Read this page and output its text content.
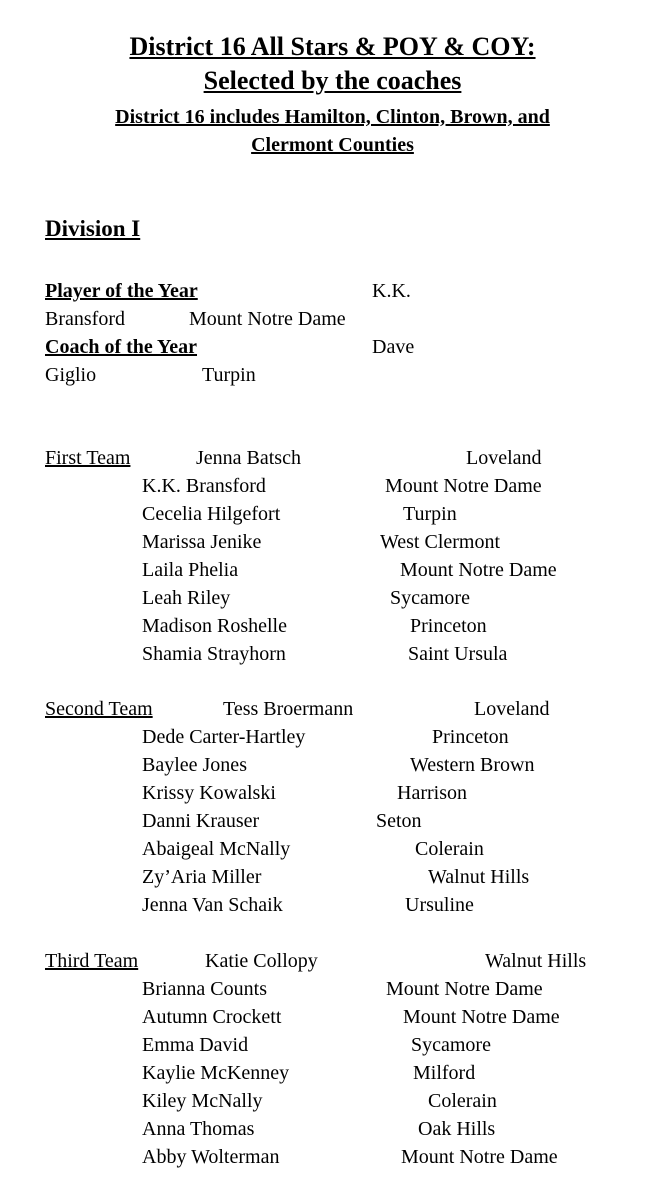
District 16 All Stars & POY & COY:
Selected by the coaches
District 16 includes Hamilton, Clinton, Brown, and
Clermont Counties
Division I
Player of the Year	K.K.
Bransford	Mount Notre Dame
Coach of the Year	Dave
Giglio	Turpin
First Team	Jenna Batsch	Loveland
K.K. Bransford	Mount Notre Dame
Cecelia Hilgefort	Turpin
Marissa Jenike	West Clermont
Laila Phelia	Mount Notre Dame
Leah Riley	Sycamore
Madison Roshelle	Princeton
Shamia Strayhorn	Saint Ursula
Second Team	Tess Broermann	Loveland
Dede Carter-Hartley	Princeton
Baylee Jones	Western Brown
Krissy Kowalski	Harrison
Danni Krauser	Seton
Abaigeal McNally	Colerain
Zy’Aria Miller	Walnut Hills
Jenna Van Schaik	Ursuline
Third Team	Katie Collopy	Walnut Hills
Brianna Counts	Mount Notre Dame
Autumn Crockett	Mount Notre Dame
Emma David	Sycamore
Kaylie McKenney	Milford
Kiley McNally	Colerain
Anna Thomas	Oak Hills
Abby Wolterman	Mount Notre Dame
